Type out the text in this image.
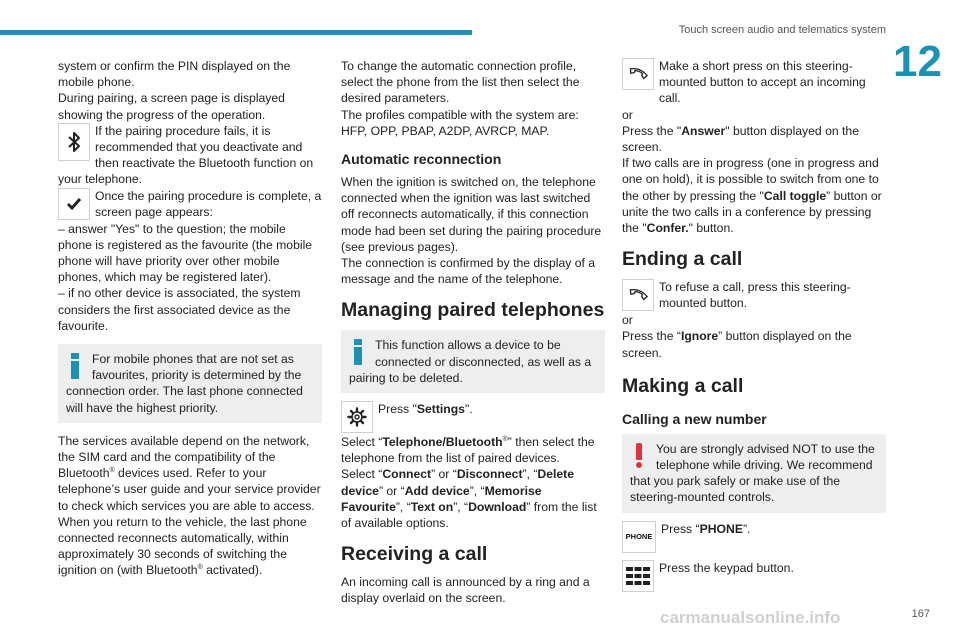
Touch screen audio and telematics system
12

system or confirm the PIN displayed on the mobile phone.

During pairing, a screen page is displayed showing the progress of the operation.

If the pairing procedure fails, it is recommended that you deactivate and then reactivate the Bluetooth function on your telephone.
Once the pairing procedure is complete, a screen page appears:

– answer "Yes" to the question; the mobile phone is registered as the favourite (the mobile phone will have priority over other mobile phones, which may be registered later).

– if no other device is associated, the system considers the first associated device as the favourite.

For mobile phones that are not set as favourites, priority is determined by the connection order. The last phone connected will have the highest priority.

The services available depend on the network, the SIM card and the compatibility of the Bluetooth® devices used. Refer to your telephone’s user guide and your service provider to check which services you are able to access.

When you return to the vehicle, the last phone connected reconnects automatically, within approximately 30 seconds of switching the ignition on (with Bluetooth® activated).

To change the automatic connection profile, select the phone from the list then select the desired parameters.

The profiles compatible with the system are: HFP, OPP, PBAP, A2DP, AVRCP, MAP.

Automatic reconnection

When the ignition is switched on, the telephone connected when the ignition was last switched off reconnects automatically, if this connection mode had been set during the pairing procedure (see previous pages).

The connection is confirmed by the display of a message and the name of the telephone.

Managing paired telephones
This function allows a device to be connected or disconnected, as well as a pairing to be deleted.
Press "Settings".

Select “Telephone/Bluetooth®” then select the telephone from the list of paired devices.

Select “Connect” or “Disconnect”, “Delete device” or “Add device”, “Memorise Favourite”, “Text on”, “Download” from the list of available options.

Receiving a call

An incoming call is announced by a ring and a display overlaid on the screen.

Make a short press on this steering-mounted button to accept an incoming call.

or

Press the "Answer" button displayed on the screen.

If two calls are in progress (one in progress and one on hold), it is possible to switch from one to the other by pressing the "Call toggle” button or unite the two calls in a conference by pressing the "Confer." button.

Ending a call
To refuse a call, press this steering-mounted button.

or

Press the “Ignore” button displayed on the screen.

Making a call
Calling a new number
You are strongly advised NOT to use the telephone while driving. We recommend that you park safely or make use of the steering-mounted controls.
PHONE
Press “PHONE”.
Press the keypad button.
carmanualsonline.info	167
